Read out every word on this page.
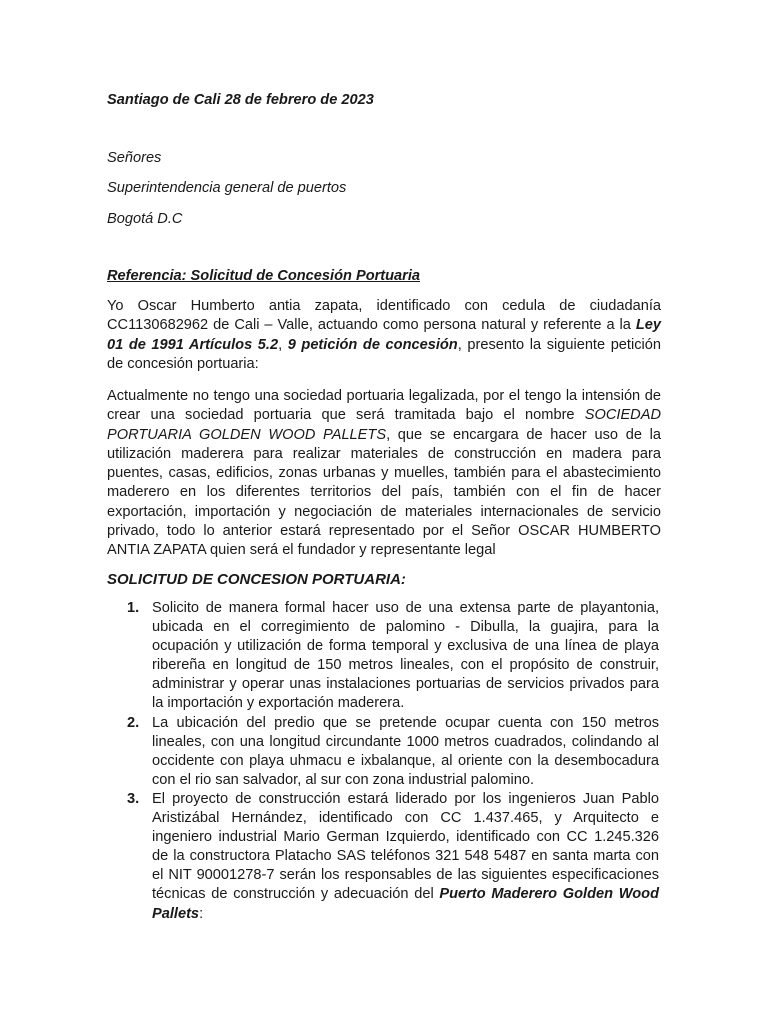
Santiago de Cali 28 de febrero de 2023
Señores
Superintendencia general de puertos
Bogotá D.C
Referencia: Solicitud de Concesión Portuaria
Yo Oscar Humberto antia zapata, identificado con cedula de ciudadanía CC1130682962 de Cali – Valle, actuando como persona natural y referente a la Ley 01 de 1991 Artículos 5.2, 9 petición de concesión, presento la siguiente petición de concesión portuaria:
Actualmente no tengo una sociedad portuaria legalizada, por el tengo la intensión de crear una sociedad portuaria que será tramitada bajo el nombre SOCIEDAD PORTUARIA GOLDEN WOOD PALLETS, que se encargara de hacer uso de la utilización maderera para realizar materiales de construcción en madera para puentes, casas, edificios, zonas urbanas y muelles, también para el abastecimiento maderero en los diferentes territorios del país, también con el fin de hacer exportación, importación y negociación de materiales internacionales de servicio privado, todo lo anterior estará representado por el Señor OSCAR HUMBERTO ANTIA ZAPATA quien será el fundador y representante legal
SOLICITUD DE CONCESION PORTUARIA:
1. Solicito de manera formal hacer uso de una extensa parte de playantonia, ubicada en el corregimiento de palomino - Dibulla, la guajira, para la ocupación y utilización de forma temporal y exclusiva de una línea de playa ribereña en longitud de 150 metros lineales, con el propósito de construir, administrar y operar unas instalaciones portuarias de servicios privados para la importación y exportación maderera.
2. La ubicación del predio que se pretende ocupar cuenta con 150 metros lineales, con una longitud circundante 1000 metros cuadrados, colindando al occidente con playa uhmacu e ixbalanque, al oriente con la desembocadura con el rio san salvador, al sur con zona industrial palomino.
3. El proyecto de construcción estará liderado por los ingenieros Juan Pablo Aristizábal Hernández, identificado con CC 1.437.465, y Arquitecto e ingeniero industrial Mario German Izquierdo, identificado con CC 1.245.326 de la constructora Platacho SAS teléfonos 321 548 5487 en santa marta con el NIT 90001278-7 serán los responsables de las siguientes especificaciones técnicas de construcción y adecuación del Puerto Maderero Golden Wood Pallets:
